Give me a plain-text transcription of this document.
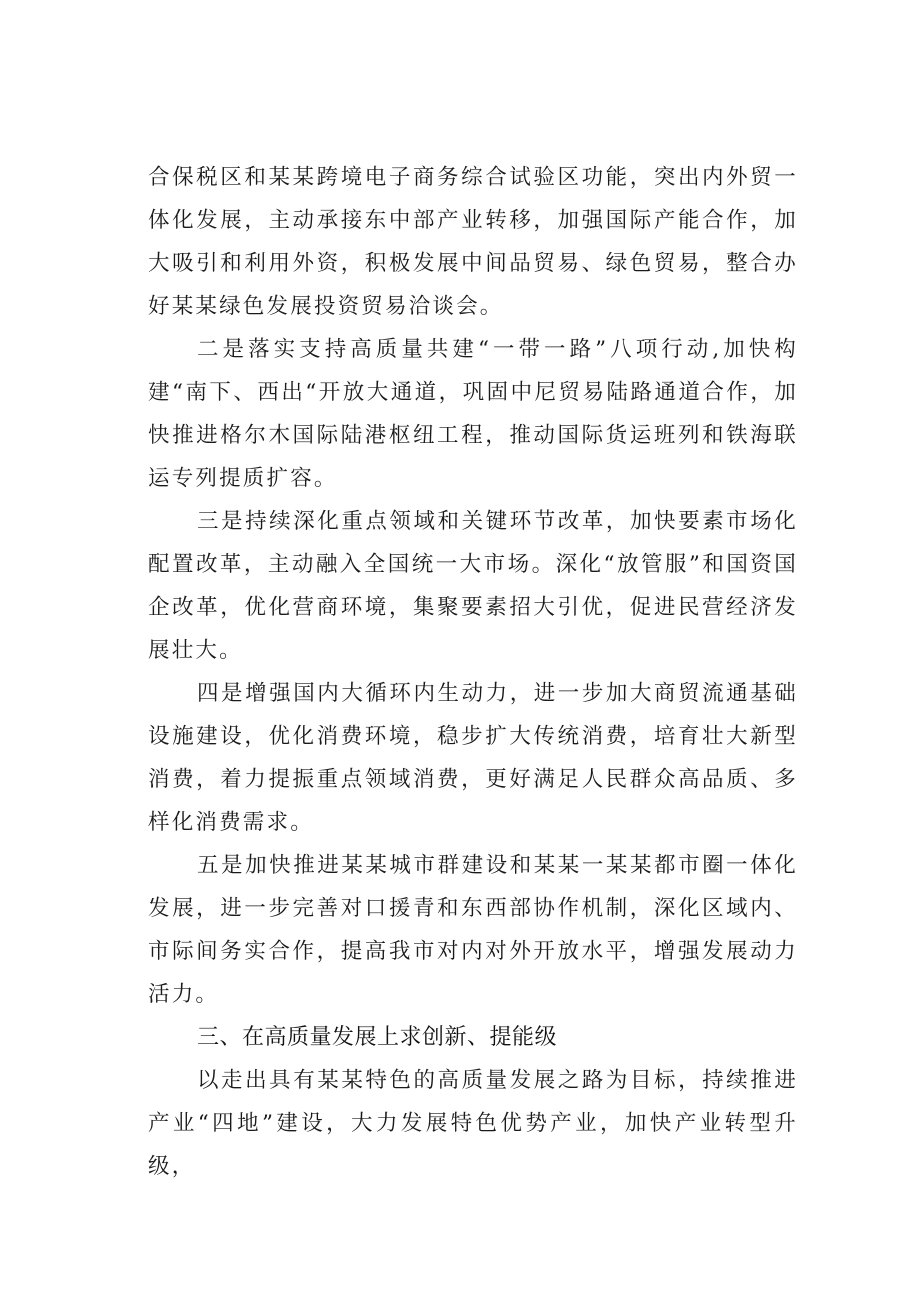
合保税区和某某跨境电子商务综合试验区功能，突出内外贸一体化发展，主动承接东中部产业转移，加强国际产能合作，加大吸引和利用外资，积极发展中间品贸易、绿色贸易，整合办好某某绿色发展投资贸易洽谈会。

二是落实支持高质量共建“一带一路”八项行动,加快构建“南下、西出“开放大通道，巩固中尼贸易陆路通道合作，加快推进格尔木国际陆港枢纽工程，推动国际货运班列和铁海联运专列提质扩容。

三是持续深化重点领域和关键环节改革，加快要素市场化配置改革，主动融入全国统一大市场。深化“放管服”和国资国企改革，优化营商环境，集聚要素招大引优，促进民营经济发展壮大。

四是增强国内大循环内生动力，进一步加大商贸流通基础设施建设，优化消费环境，稳步扩大传统消费，培育壮大新型消费，着力提振重点领域消费，更好满足人民群众高品质、多样化消费需求。

五是加快推进某某城市群建设和某某一某某都市圈一体化发展，进一步完善对口援青和东西部协作机制，深化区域内、市际间务实合作，提高我市对内对外开放水平，增强发展动力活力。

三、在高质量发展上求创新、提能级

以走出具有某某特色的高质量发展之路为目标，持续推进产业“四地”建设，大力发展特色优势产业，加快产业转型升级，
